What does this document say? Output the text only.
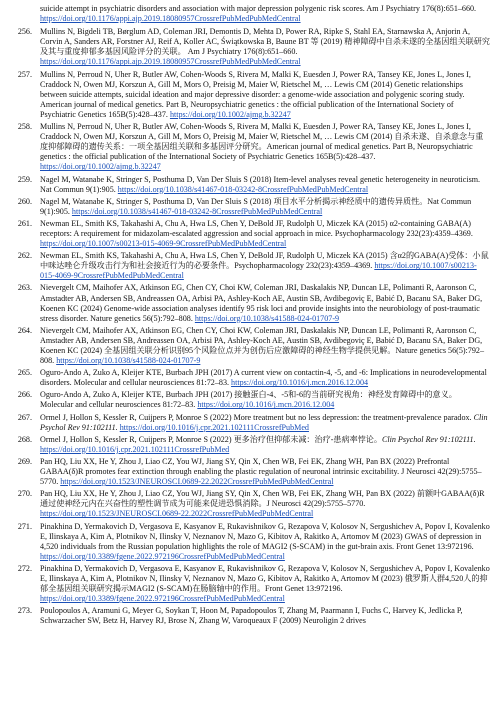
suicide attempt in psychiatric disorders and association with major depression polygenic risk scores. Am J Psychiatry 176(8):651–660. https://doi.org/10.1176/appi.ajp.2019.18080957CrossrefPubMedPubMedCentral
256. Mullins N, Bigdeli TB, Børglum AD, Coleman JRI, Demontis D, Mehta D, Power RA, Ripke S, Stahl EA, Starnawska A, Anjorin A, Corvin A, Sanders AR, Forstner AJ, Reif A, Koller AC, Świątkowska B, Baune BT 等 (2019) 精神障碍中自杀未遂的全基因组关联研究及其与重度抑郁多基因风险评分的关联。 Am J Psychiatry 176(8):651–660. https://doi.org/10.1176/appi.ajp.2019.18080957CrossrefPubMedPubMedCentral
257. Mullins N, Perroud N, Uher R, Butler AW, Cohen-Woods S, Rivera M, Malki K, Euesden J, Power RA, Tansey KE, Jones L, Jones I, Craddock N, Owen MJ, Korszun A, Gill M, Mors O, Preisig M, Maier W, Rietschel M, … Lewis CM (2014) Genetic relationships between suicide attempts, suicidal ideation and major depressive disorder: a genome-wide association and polygenic scoring study. American journal of medical genetics. Part B, Neuropsychiatric genetics : the official publication of the International Society of Psychiatric Genetics 165B(5):428–437. https://doi.org/10.1002/ajmg.b.32247
258. Mullins N, Perroud N, Uher R, Butler AW, Cohen-Woods S, Rivera M, Malki K, Euesden J, Power RA, Tansey KE, Jones L, Jones I, Craddock N, Owen MJ, Korszun A, Gill M, Mors O, Preisig M, Maier W, Rietschel M, … Lewis CM (2014) 自杀未遂、自杀意念与重度抑郁障碍的遗传关系：一项全基因组关联和多基因评分研究。American journal of medical genetics. Part B, Neuropsychiatric genetics : the official publication of the International Society of Psychiatric Genetics 165B(5):428–437. https://doi.org/10.1002/ajmg.b.32247
259. Nagel M, Watanabe K, Stringer S, Posthuma D, Van Der Sluis S (2018) Item-level analyses reveal genetic heterogeneity in neuroticism. Nat Commun 9(1):905. https://doi.org/10.1038/s41467-018-03242-8CrossrefPubMedPubMedCentral
260. Nagel M, Watanabe K, Stringer S, Posthuma D, Van Der Sluis S (2018) 项目水平分析揭示神经质中的遗传异质性。Nat Commun 9(1):905. https://doi.org/10.1038/s41467-018-03242-8CrossrefPubMedPubMedCentral
261. Newman EL, Smith KS, Takahashi A, Chu A, Hwa LS, Chen Y, DeBold JF, Rudolph U, Miczek KA (2015) α2-containing GABA(A) receptors: A requirement for midazolam-escalated aggression and social approach in mice. Psychopharmacology 232(23):4359–4369. https://doi.org/10.1007/s00213-015-4069-9CrossrefPubMedPubMedCentral
262. Newman EL, Smith KS, Takahashi A, Chu A, Hwa LS, Chen Y, DeBold JF, Rudolph U, Miczek KA (2015) 含α2的GABA(A)受体：小鼠中咪达唑仑升级攻击行为和社会接近行为的必要条件。Psychopharmacology 232(23):4359–4369. https://doi.org/10.1007/s00213-015-4069-9CrossrefPubMedPubMedCentral
263. Nievergelt CM, Maihofer AX, Atkinson EG, Chen CY, Choi KW, Coleman JRI, Daskalakis NP, Duncan LE, Polimanti R, Aaronson C, Amstadter AB, Andersen SB, Andreassen OA, Arbisi PA, Ashley-Koch AE, Austin SB, Avdibegoviç E, Babić D, Bacanu SA, Baker DG, Koenen KC (2024) Genome-wide association analyses identify 95 risk loci and provide insights into the neurobiology of post-traumatic stress disorder. Nature genetics 56(5):792–808. https://doi.org/10.1038/s41588-024-01707-9
264. Nievergelt CM, Maihofer AX, Atkinson EG, Chen CY, Choi KW, Coleman JRI, Daskalakis NP, Duncan LE, Polimanti R, Aaronson C, Amstadter AB, Andersen SB, Andreassen OA, Arbisi PA, Ashley-Koch AE, Austin SB, Avdibegoviç E, Babić D, Bacanu SA, Baker DG, Koenen KC (2024) 全基因组关联分析识别95个风险位点并为创伤后应激障碍的神经生物学提供见解。Nature genetics 56(5):792–808. https://doi.org/10.1038/s41588-024-01707-9
265. Oguro-Ando A, Zuko A, Kleijer KTE, Burbach JPH (2017) A current view on contactin-4, -5, and -6: Implications in neurodevelopmental disorders. Molecular and cellular neurosciences 81:72–83. https://doi.org/10.1016/j.mcn.2016.12.004
266. Oguro-Ando A, Zuko A, Kleijer KTE, Burbach JPH (2017) 接触蛋白-4、-5和-6的当前研究视角：神经发育障碍中的意义。 Molecular and cellular neurosciences 81:72–83. https://doi.org/10.1016/j.mcn.2016.12.004
267. Ormel J, Hollon S, Kessler R, Cuijpers P, Monroe S (2022) More treatment but no less depression: the treatment-prevalence paradox. Clin Psychol Rev 91:102111. https://doi.org/10.1016/j.cpr.2021.102111CrossrefPubMed
268. Ormel J, Hollon S, Kessler R, Cuijpers P, Monroe S (2022) 更多治疗但抑郁未减：治疗-患病率悖论。Clin Psychol Rev 91:102111. https://doi.org/10.1016/j.cpr.2021.102111CrossrefPubMed
269. Pan HQ, Liu XX, He Y, Zhou J, Liao CZ, You WJ, Jiang SY, Qin X, Chen WB, Fei EK, Zhang WH, Pan BX (2022) Prefrontal GABAA(δ)R promotes fear extinction through enabling the plastic regulation of neuronal intrinsic excitability. J Neurosci 42(29):5755–5770. https://doi.org/10.1523/JNEUROSCI.0689-22.2022CrossrefPubMedPubMedCentral
270. Pan HQ, Liu XX, He Y, Zhou J, Liao CZ, You WJ, Jiang SY, Qin X, Chen WB, Fei EK, Zhang WH, Pan BX (2022) 前额叶GABAA(δ)R通过使神经元内在兴奋性的塑性调节成为可能来促进恐惧消除。J Neurosci 42(29):5755–5770. https://doi.org/10.1523/JNEUROSCI.0689-22.2022CrossrefPubMedPubMedCentral
271. Pinakhina D, Yermakovich D, Vergasova E, Kasyanov E, Rukavishnikov G, Rezapova V, Kolosov N, Sergushichev A, Popov I, Kovalenko E, Ilinskaya A, Kim A, Plotnikov N, Ilinsky V, Neznanov N, Mazo G, Kibitov A, Rakitko A, Artomov M (2023) GWAS of depression in 4,520 individuals from the Russian population highlights the role of MAGI2 (S-SCAM) in the gut-brain axis. Front Genet 13:972196. https://doi.org/10.3389/fgene.2022.972196CrossrefPubMedPubMedCentral
272. Pinakhina D, Yermakovich D, Vergasova E, Kasyanov E, Rukavishnikov G, Rezapova V, Kolosov N, Sergushichev A, Popov I, Kovalenko E, Ilinskaya A, Kim A, Plotnikov N, Ilinsky V, Neznanov N, Mazo G, Kibitov A, Rakitko A, Artomov M (2023) 俄罗斯人群4,520人的抑郁全基因组关联研究揭示MAGI2 (S-SCAM)在肠脑轴中的作用。Front Genet 13:972196. https://doi.org/10.3389/fgene.2022.972196CrossrefPubMedPubMedCentral
273. Poulopoulos A, Aramuni G, Meyer G, Soykan T, Hoon M, Papadopoulos T, Zhang M, Paarmann I, Fuchs C, Harvey K, Jedlicka P, Schwarzacher SW, Betz H, Harvey RJ, Brose N, Zhang W, Varoqueaux F (2009) Neuroligin 2 drives
